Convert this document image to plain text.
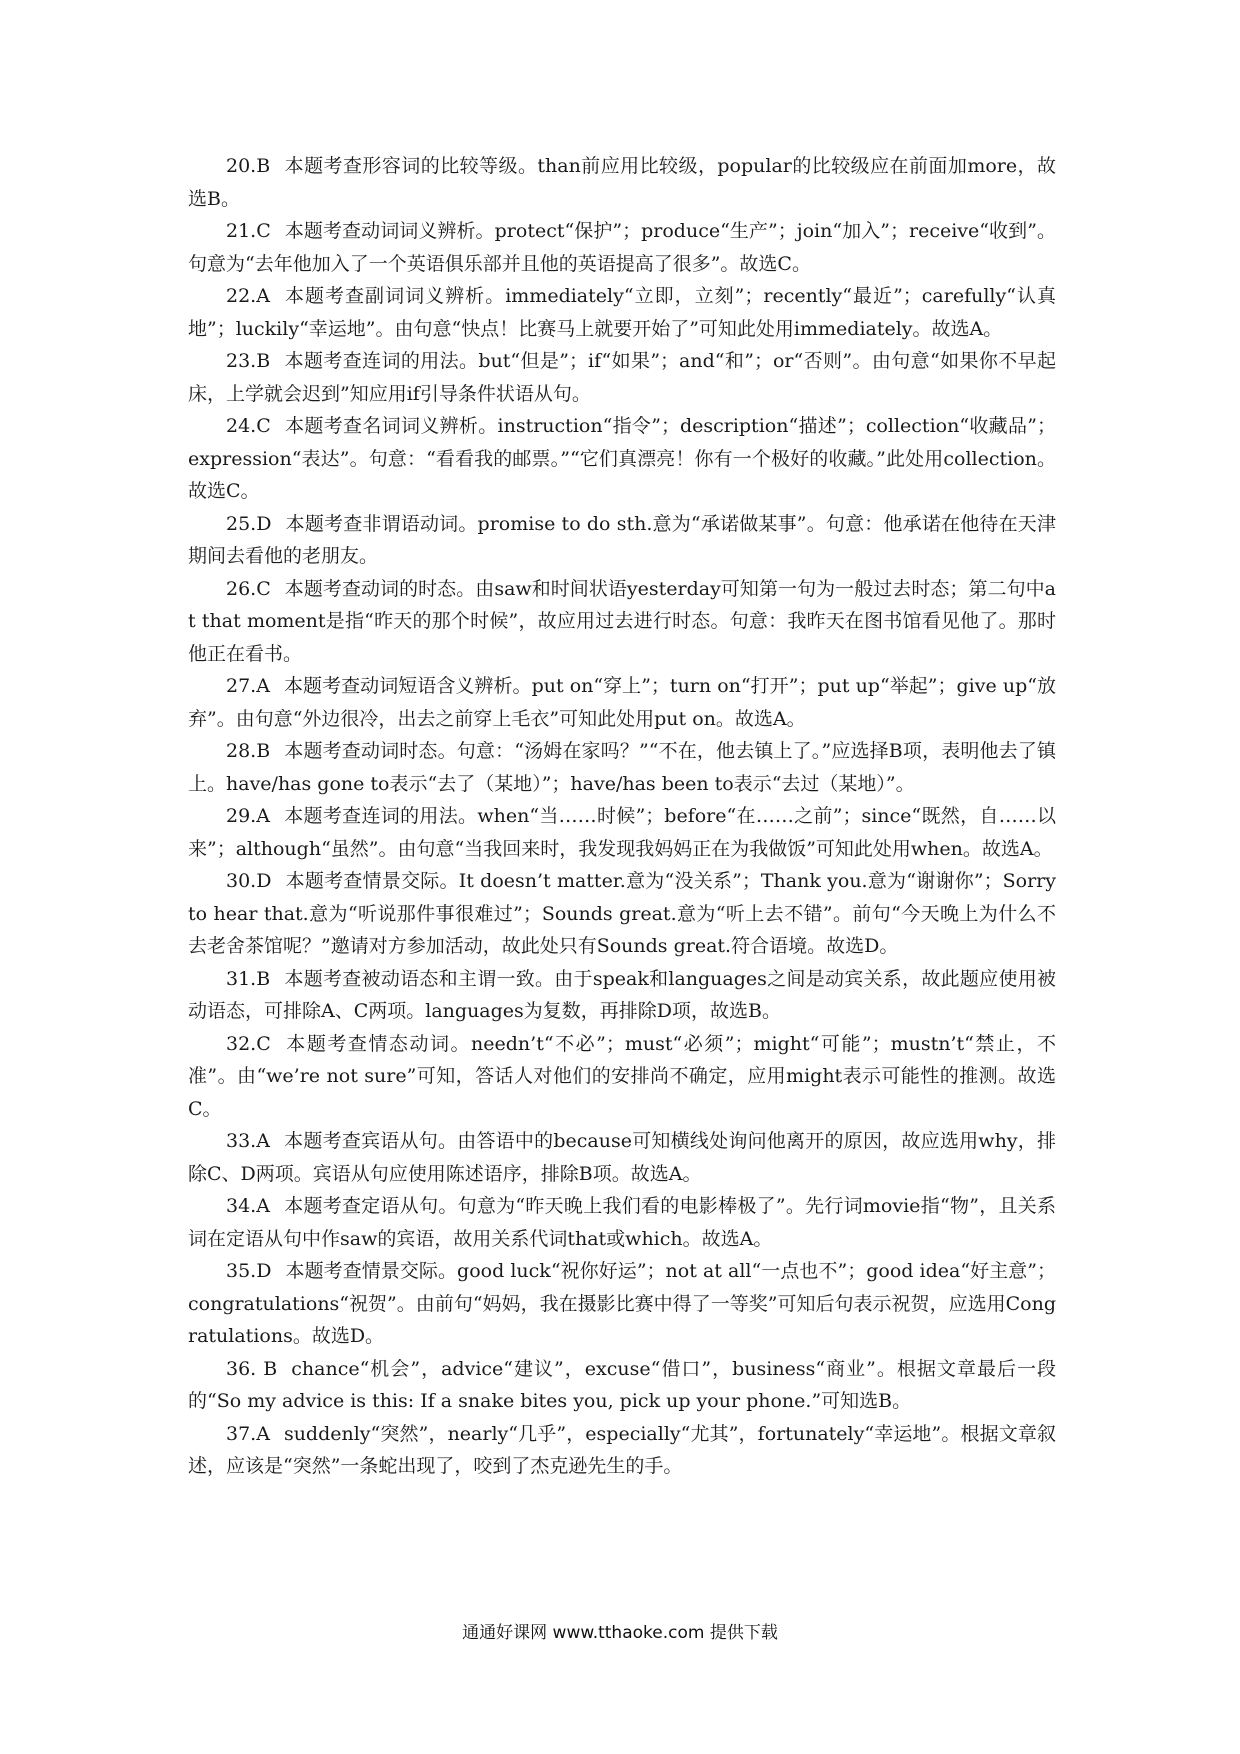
20.B 本题考查形容词的比较等级。than前应用比较级，popular的比较级应在前面加more，故选B。

21.C 本题考查动词词义辨析。protect“保护”；produce“生产”；join“加入”；receive“收到”。句意为“去年他加入了一个英语俱乐部并且他的英语提高了很多”。故选C。

22.A 本题考查副词词义辨析。immediately“立即，立刻”；recently“最近”；carefully“认真地”；luckily“幸运地”。由句意“快点！比赛马上就要开始了”可知此处用immediately。故选A。

23.B 本题考查连词的用法。but“但是”；if“如果”；and“和”；or“否则”。由句意“如果你不早起床，上学就会迟到”知应用if引导条件状语从句。

24.C 本题考查名词词义辨析。instruction“指令”；description“描述”；collection“收藏品”；expression“表达”。句意：“看看我的邮票。”“它们真漂亮！你有一个极好的收藏。”此处用collection。故选C。

25.D 本题考查非谓语动词。promise to do sth.意为“承诺做某事”。句意：他承诺在他待在天津期间去看他的老朋友。

26.C 本题考查动词的时态。由saw和时间状语yesterday可知第一句为一般过去时态；第二句中at that moment是指“昨天的那个时候”，故应用过去进行时态。句意：我昨天在图书馆看见他了。那时他正在看书。

27.A 本题考查动词短语含义辨析。put on“穿上”；turn on“打开”；put up“举起”；give up“放弃”。由句意“外边很冷，出去之前穿上毛衣”可知此处用put on。故选A。

28.B 本题考查动词时态。句意：“汤姆在家吗？”“不在，他去镇上了。”应选择B项，表明他去了镇上。have/has gone to表示“去了（某地）”；have/has been to表示“去过（某地）”。

29.A 本题考查连词的用法。when“当……时候”；before“在……之前”；since“既然，自……以来”；although“虽然”。由句意“当我回来时，我发现我妈妈正在为我做饭”可知此处用when。故选A。

30.D 本题考查情景交际。It doesn’t matter.意为“没关系”；Thank you.意为“谢谢你”；Sorry to hear that.意为“听说那件事很难过”；Sounds great.意为“听上去不错”。前句“今天晚上为什么不去老舍茶馆呢？”邀请对方参加活动，故此处只有Sounds great.符合语境。故选D。

31.B 本题考查被动语态和主谓一致。由于speak和languages之间是动宾关系，故此题应使用被动语态，可排除A、C两项。languages为复数，再排除D项，故选B。

32.C 本题考查情态动词。needn’t“不必”；must“必须”；might“可能”；mustn’t“禁止，不准”。由“we’re not sure”可知，答话人对他们的安排尚不确定，应用might表示可能性的推测。故选C。

33.A 本题考查宾语从句。由答语中的because可知横线处询问他离开的原因，故应选用why，排除C、D两项。宾语从句应使用陈述语序，排除B项。故选A。

34.A 本题考查定语从句。句意为“昨天晚上我们看的电影棒极了”。先行词movie指“物”，且关系词在定语从句中作saw的宾语，故用关系代词that或which。故选A。

35.D 本题考查情景交际。good luck“祝你好运”；not at all“一点也不”；good idea“好主意”；congratulations“祝贺”。由前句“妈妈，我在摄影比赛中得了一等奖”可知后句表示祝贺，应选用Congratulations。故选D。

36. B chance“机会”，advice“建议”，excuse“借口”，business“商业”。根据文章最后一段的“So my advice is this: If a snake bites you, pick up your phone.”可知选B。

37.A suddenly“突然”，nearly“几乎”，especially“尤其”，fortunately“幸运地”。根据文章叙述，应该是“突然”一条蛇出现了，咬到了杰克逊先生的手。

通通好课网 www.tthaoke.com 提供下载
